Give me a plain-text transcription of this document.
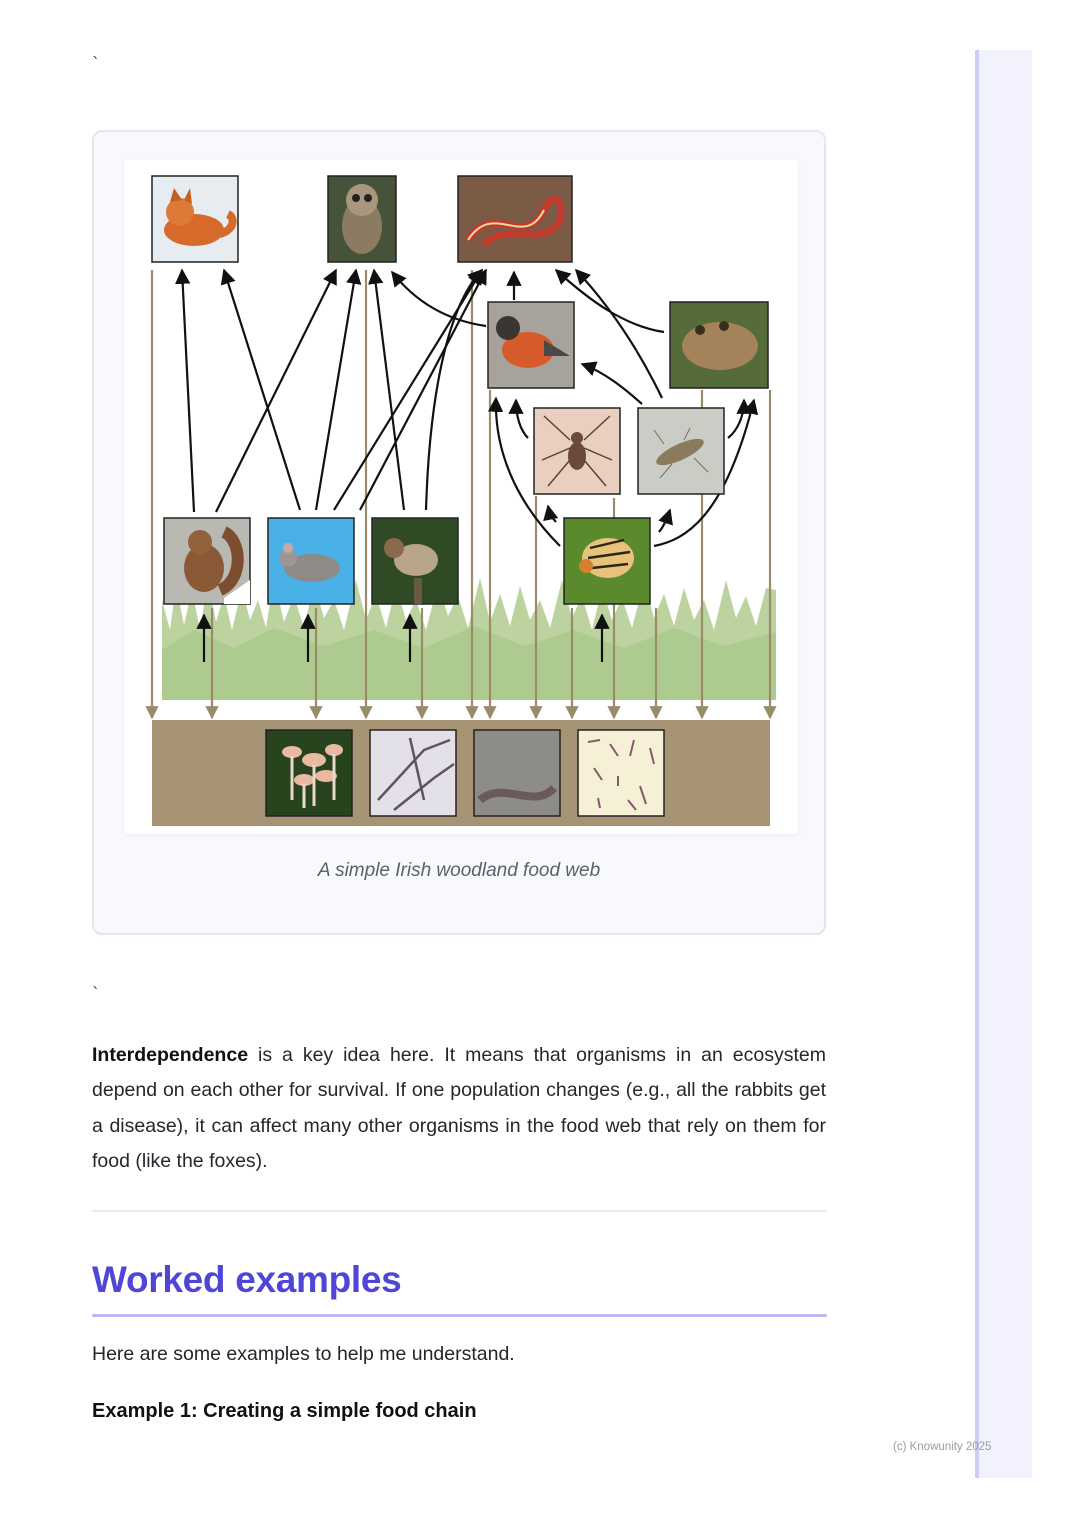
`
A simple Irish woodland food web
`

Interdependence is a key idea here. It means that organisms in an ecosystem depend on each other for survival. If one population changes (e.g., all the rabbits get a disease), it can affect many other organisms in the food web that rely on them for food (like the foxes).

Worked examples

Here are some examples to help me understand.

Example 1: Creating a simple food chain
(c) Knowunity 2025
